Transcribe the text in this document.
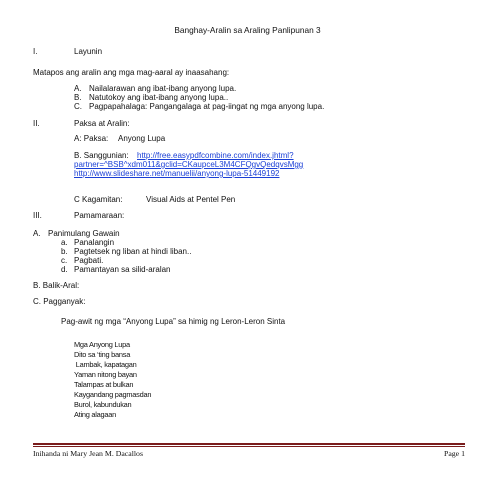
Banghay-Aralin sa Araling Panlipunan 3
I.	Layunin
Matapos ang aralin ang mga mag-aaral ay inaasahang:
A. Nailalarawan ang ibat-ibang anyong lupa.
B. Natutokoy ang ibat-ibang anyong lupa..
C. Pagpapahalaga: Pangangalaga at pag-iingat ng mga anyong lupa.
II.	Paksa at Aralin:
A: Paksa: Anyong Lupa
B. Sanggunian: http://free.easypdfcombine.com/index.jhtml?
partner=^BSB^xdm011&gclid=CKaupceL3M4CFQgvQedqvsMgg
http://www.slideshare.net/manuelii/anyong-lupa-51449192
C Kagamitan:	Visual Aids at Pentel Pen
III.	Pamamaraan:
A. Panimulang Gawain
a. Panalangin
b. Pagtetsek ng liban at hindi liban..
c. Pagbati.
d. Pamantayan sa silid-aralan
B. Balik-Aral:
C. Pagganyak:
Pag-awit ng mga “Anyong Lupa” sa himig ng Leron-Leron Sinta
Mga Anyong Lupa
Dito sa ‘ting bansa
Lambak, kapatagan
Yaman nitong bayan
Talampas at bulkan
Kaygandang pagmasdan
Burol, kabundukan
Ating alagaan
Inihanda ni Mary Jean M. Dacallos	Page 1
